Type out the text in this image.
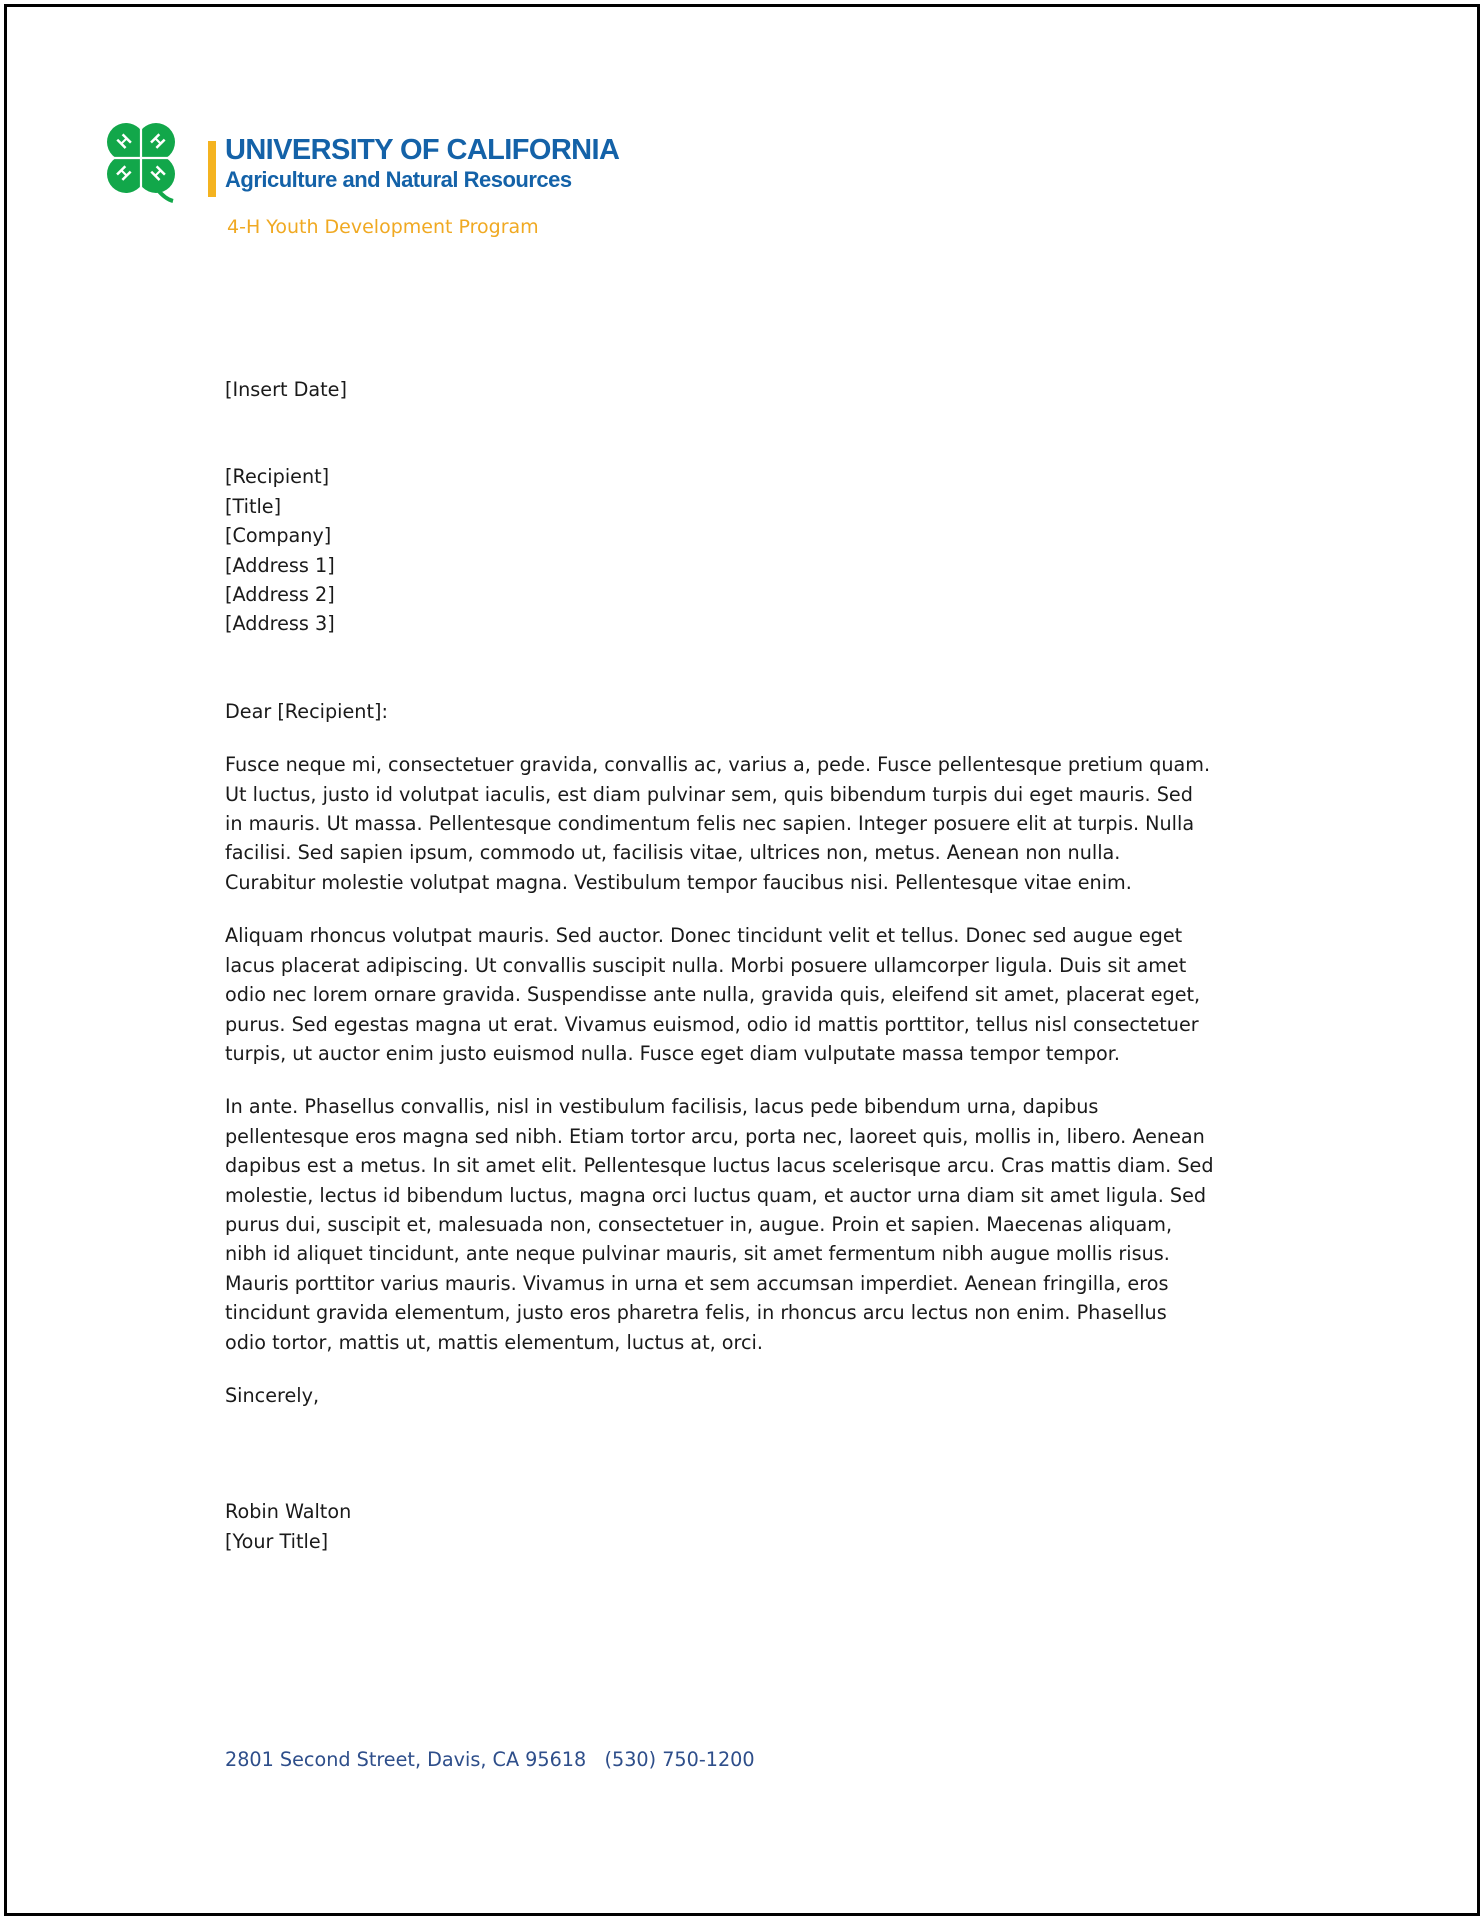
H H
H H
UNIVERSITY OF CALIFORNIA
Agriculture and Natural Resources
4-H Youth Development Program
[Insert Date]
[Recipient]
[Title]
[Company]
[Address 1]
[Address 2]
[Address 3]
Dear [Recipient]:
Fusce neque mi, consectetuer gravida, convallis ac, varius a, pede. Fusce pellentesque pretium quam.
Ut luctus, justo id volutpat iaculis, est diam pulvinar sem, quis bibendum turpis dui eget mauris. Sed
in mauris. Ut massa. Pellentesque condimentum felis nec sapien. Integer posuere elit at turpis. Nulla
facilisi. Sed sapien ipsum, commodo ut, facilisis vitae, ultrices non, metus. Aenean non nulla.
Curabitur molestie volutpat magna. Vestibulum tempor faucibus nisi. Pellentesque vitae enim.
Aliquam rhoncus volutpat mauris. Sed auctor. Donec tincidunt velit et tellus. Donec sed augue eget
lacus placerat adipiscing. Ut convallis suscipit nulla. Morbi posuere ullamcorper ligula. Duis sit amet
odio nec lorem ornare gravida. Suspendisse ante nulla, gravida quis, eleifend sit amet, placerat eget,
purus. Sed egestas magna ut erat. Vivamus euismod, odio id mattis porttitor, tellus nisl consectetuer
turpis, ut auctor enim justo euismod nulla. Fusce eget diam vulputate massa tempor tempor.
In ante. Phasellus convallis, nisl in vestibulum facilisis, lacus pede bibendum urna, dapibus
pellentesque eros magna sed nibh. Etiam tortor arcu, porta nec, laoreet quis, mollis in, libero. Aenean
dapibus est a metus. In sit amet elit. Pellentesque luctus lacus scelerisque arcu. Cras mattis diam. Sed
molestie, lectus id bibendum luctus, magna orci luctus quam, et auctor urna diam sit amet ligula. Sed
purus dui, suscipit et, malesuada non, consectetuer in, augue. Proin et sapien. Maecenas aliquam,
nibh id aliquet tincidunt, ante neque pulvinar mauris, sit amet fermentum nibh augue mollis risus.
Mauris porttitor varius mauris. Vivamus in urna et sem accumsan imperdiet. Aenean fringilla, eros
tincidunt gravida elementum, justo eros pharetra felis, in rhoncus arcu lectus non enim. Phasellus
odio tortor, mattis ut, mattis elementum, luctus at, orci.
Sincerely,
Robin Walton
[Your Title]
2801 Second Street, Davis, CA 95618   (530) 750-1200
